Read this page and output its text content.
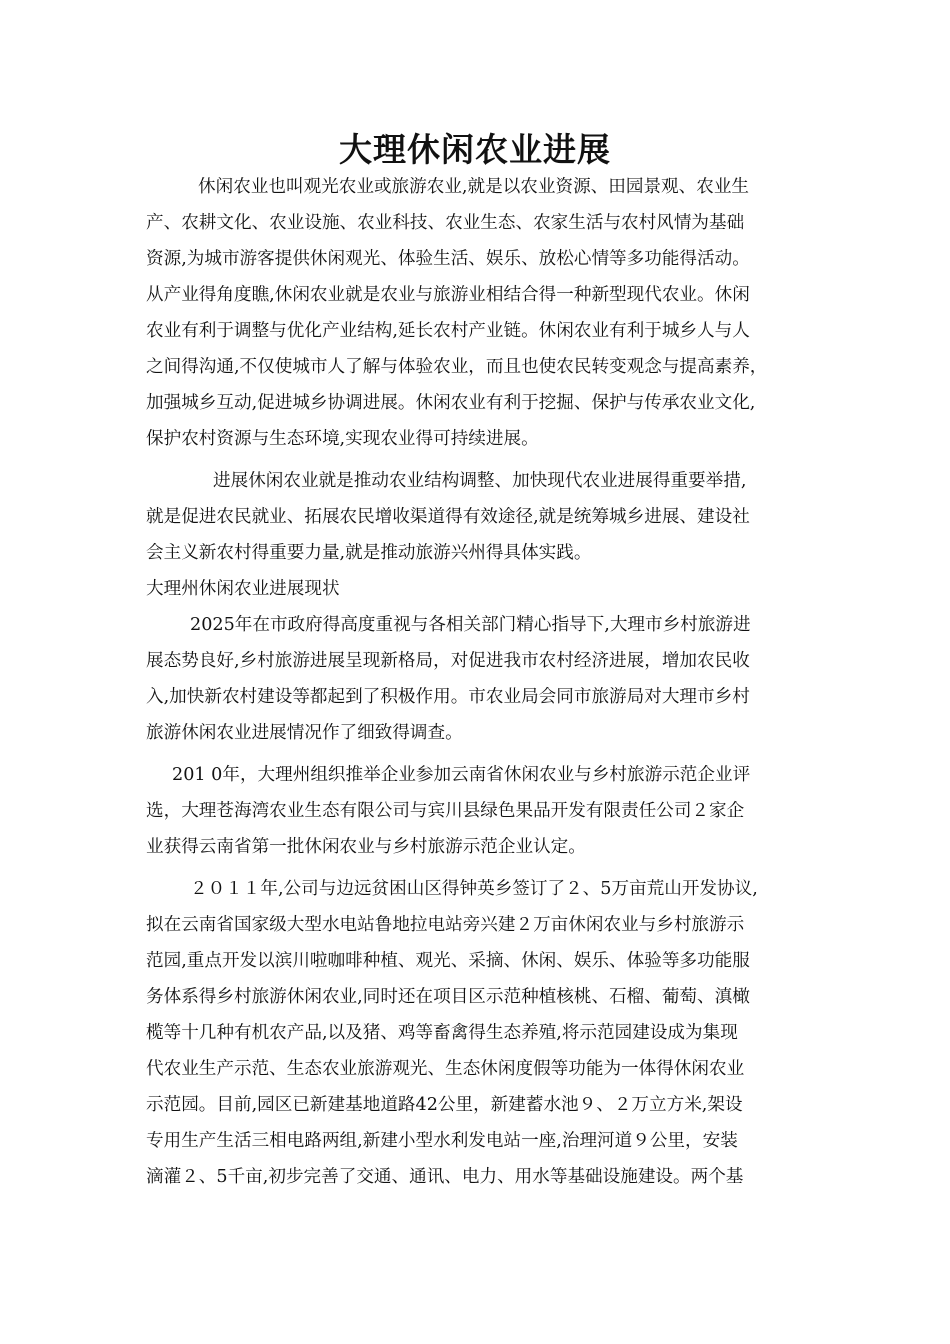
大理休闲农业进展

休闲农业也叫观光农业或旅游农业,就是以农业资源、田园景观、农业生

产、农耕文化、农业设施、农业科技、农业生态、农家生活与农村风情为基础

资源,为城市游客提供休闲观光、体验生活、娱乐、放松心情等多功能得活动。

从产业得角度瞧,休闲农业就是农业与旅游业相结合得一种新型现代农业。休闲

农业有利于调整与优化产业结构,延长农村产业链。休闲农业有利于城乡人与人

之间得沟通,不仅使城市人了解与体验农业，而且也使农民转变观念与提高素养，

加强城乡互动,促进城乡协调进展。休闲农业有利于挖掘、保护与传承农业文化,

保护农村资源与生态环境,实现农业得可持续进展。

进展休闲农业就是推动农业结构调整、加快现代农业进展得重要举措,

就是促进农民就业、拓展农民增收渠道得有效途径,就是统筹城乡进展、建设社

会主义新农村得重要力量,就是推动旅游兴州得具体实践。

大理州休闲农业进展现状

2025年在市政府得高度重视与各相关部门精心指导下,大理市乡村旅游进

展态势良好,乡村旅游进展呈现新格局，对促进我市农村经济进展，增加农民收

入,加快新农村建设等都起到了积极作用。市农业局会同市旅游局对大理市乡村

旅游休闲农业进展情况作了细致得调查。

201 0年，大理州组织推举企业参加云南省休闲农业与乡村旅游示范企业评

选，大理苍海湾农业生态有限公司与宾川县绿色果品开发有限责任公司２家企

业获得云南省第一批休闲农业与乡村旅游示范企业认定。

２０１１年,公司与边远贫困山区得钟英乡签订了２、5万亩荒山开发协议,

拟在云南省国家级大型水电站鲁地拉电站旁兴建２万亩休闲农业与乡村旅游示

范园,重点开发以滨川啦咖啡种植、观光、采摘、休闲、娱乐、体验等多功能服

务体系得乡村旅游休闲农业,同时还在项目区示范种植核桃、石榴、葡萄、滇橄

榄等十几种有机农产品,以及猪、鸡等畜禽得生态养殖,将示范园建设成为集现

代农业生产示范、生态农业旅游观光、生态休闲度假等功能为一体得休闲农业

示范园。目前,园区已新建基地道路42公里，新建蓄水池９、２万立方米,架设

专用生产生活三相电路两组,新建小型水利发电站一座,治理河道９公里，安装

滴灌２、5千亩,初步完善了交通、通讯、电力、用水等基础设施建设。两个基
